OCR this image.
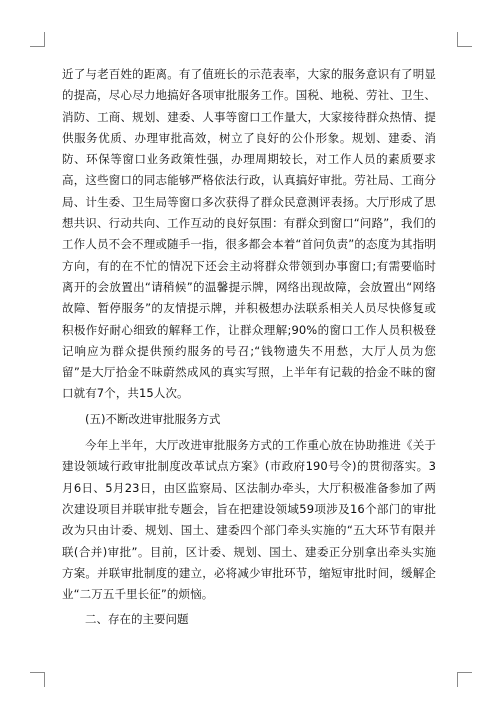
近了与老百姓的距离。有了值班长的示范表率，大家的服务意识有了明显的提高，尽心尽力地搞好各项审批服务工作。国税、地税、劳社、卫生、消防、工商、规划、建委、人事等窗口工作量大，大家接待群众热情、提供服务优质、办理审批高效，树立了良好的公仆形象。规划、建委、消防、环保等窗口业务政策性强，办理周期较长，对工作人员的素质要求高，这些窗口的同志能够严格依法行政，认真搞好审批。劳社局、工商分局、计生委、卫生局等窗口多次获得了群众民意测评表扬。大厅形成了思想共识、行动共向、工作互动的良好氛围：有群众到窗口“问路”，我们的工作人员不会不理或随手一指，很多都会本着“首问负责”的态度为其指明方向，有的在不忙的情况下还会主动将群众带领到办事窗口;有需要临时离开的会放置出“请稍候”的温馨提示牌，网络出现故障，会放置出“网络故障、暂停服务”的友情提示牌，并积极想办法联系相关人员尽快修复或积极作好耐心细致的解释工作，让群众理解;90%的窗口工作人员积极登记响应为群众提供预约服务的号召;“钱物遗失不用愁，大厅人员为您留”是大厅拾金不昧蔚然成风的真实写照，上半年有记载的拾金不昧的窗口就有7个，共15人次。

(五)不断改进审批服务方式

今年上半年，大厅改进审批服务方式的工作重心放在协助推进《关于建设领域行政审批制度改革试点方案》(市政府190号令)的贯彻落实。3月6日、5月23日，由区监察局、区法制办牵头，大厅积极准备参加了两次建设项目并联审批专题会，旨在把建设领域59项涉及16个部门的审批改为只由计委、规划、国土、建委四个部门牵头实施的“五大环节有限并联(合并)审批”。目前，区计委、规划、国土、建委正分别拿出牵头实施方案。并联审批制度的建立，必将减少审批环节，缩短审批时间，缓解企业“二万五千里长征”的烦恼。

二、存在的主要问题
